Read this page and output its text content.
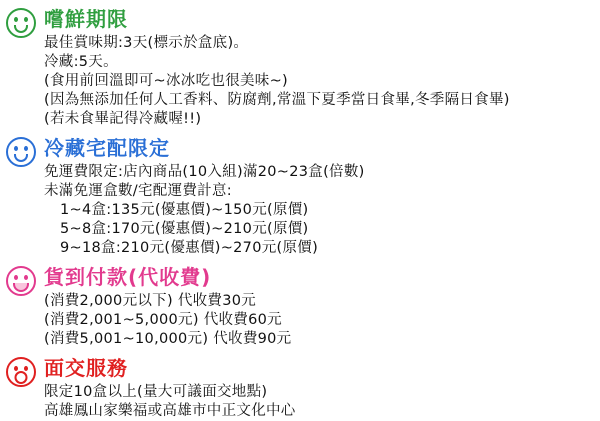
嚐鮮期限
最佳賞味期:3天(標示於盒底)。
冷藏:5天。
(食用前回溫即可~冰冰吃也很美味~)
(因為無添加任何人工香料、防腐劑,常溫下夏季當日食畢,冬季隔日食畢)
(若未食畢記得冷藏喔!!)
冷藏宅配限定
免運費限定:店內商品(10入組)滿20~23盒(倍數)
未滿免運盒數/宅配運費計恴:
1~4盒:135元(優惠價)~150元(原價)
5~8盒:170元(優惠價)~210元(原價)
9~18盒:210元(優惠價)~270元(原價)
貨到付款(代收費)
(消費2,000元以下) 代收費30元
(消費2,001~5,000元) 代收費60元
(消費5,001~10,000元) 代收費90元
面交服務
限定10盒以上(量大可議面交地點)
高雄鳳山家樂福或高雄市中正文化中心
